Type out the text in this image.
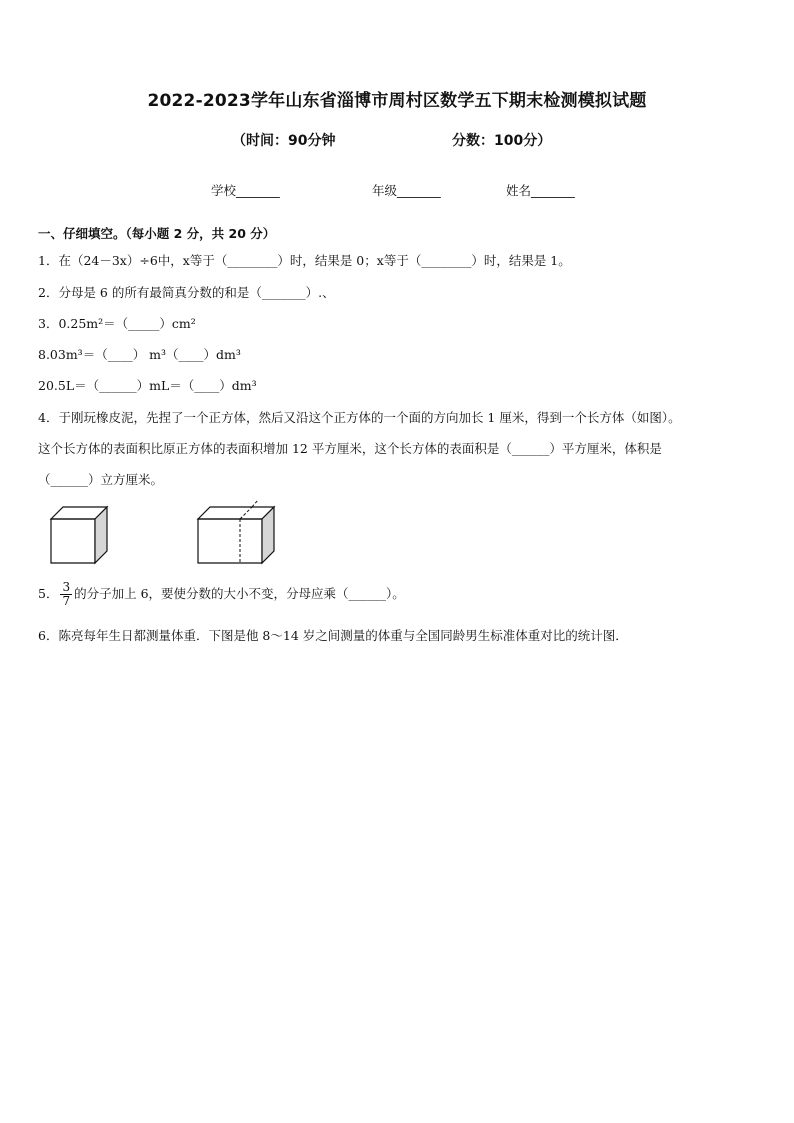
2022-2023学年山东省淄博市周村区数学五下期末检测模拟试题
（时间：90分钟	分数：100分）
学校_______	年级_______	姓名_______
一、仔细填空。（每小题 2 分，共 20 分）
1．在（24－3x）÷6中，x等于（________）时，结果是 0；x等于（________）时，结果是 1。
2．分母是 6 的所有最简真分数的和是（_______）.、
3．0.25m²＝（_____）cm²
8.03m³＝（____） m³（____）dm³
20.5L＝（______）mL＝（____）dm³
4．于刚玩橡皮泥，先捏了一个正方体，然后又沿这个正方体的一个面的方向加长 1 厘米，得到一个长方体（如图）。
这个长方体的表面积比原正方体的表面积增加 12 平方厘米，这个长方体的表面积是（______）平方厘米，体积是
（______）立方厘米。
5． $\frac{3}{7}$ 的分子加上 6，要使分数的大小不变，分母应乘（______）。
6．陈亮每年生日都测量体重．下图是他 8～14 岁之间测量的体重与全国同龄男生标准体重对比的统计图．
